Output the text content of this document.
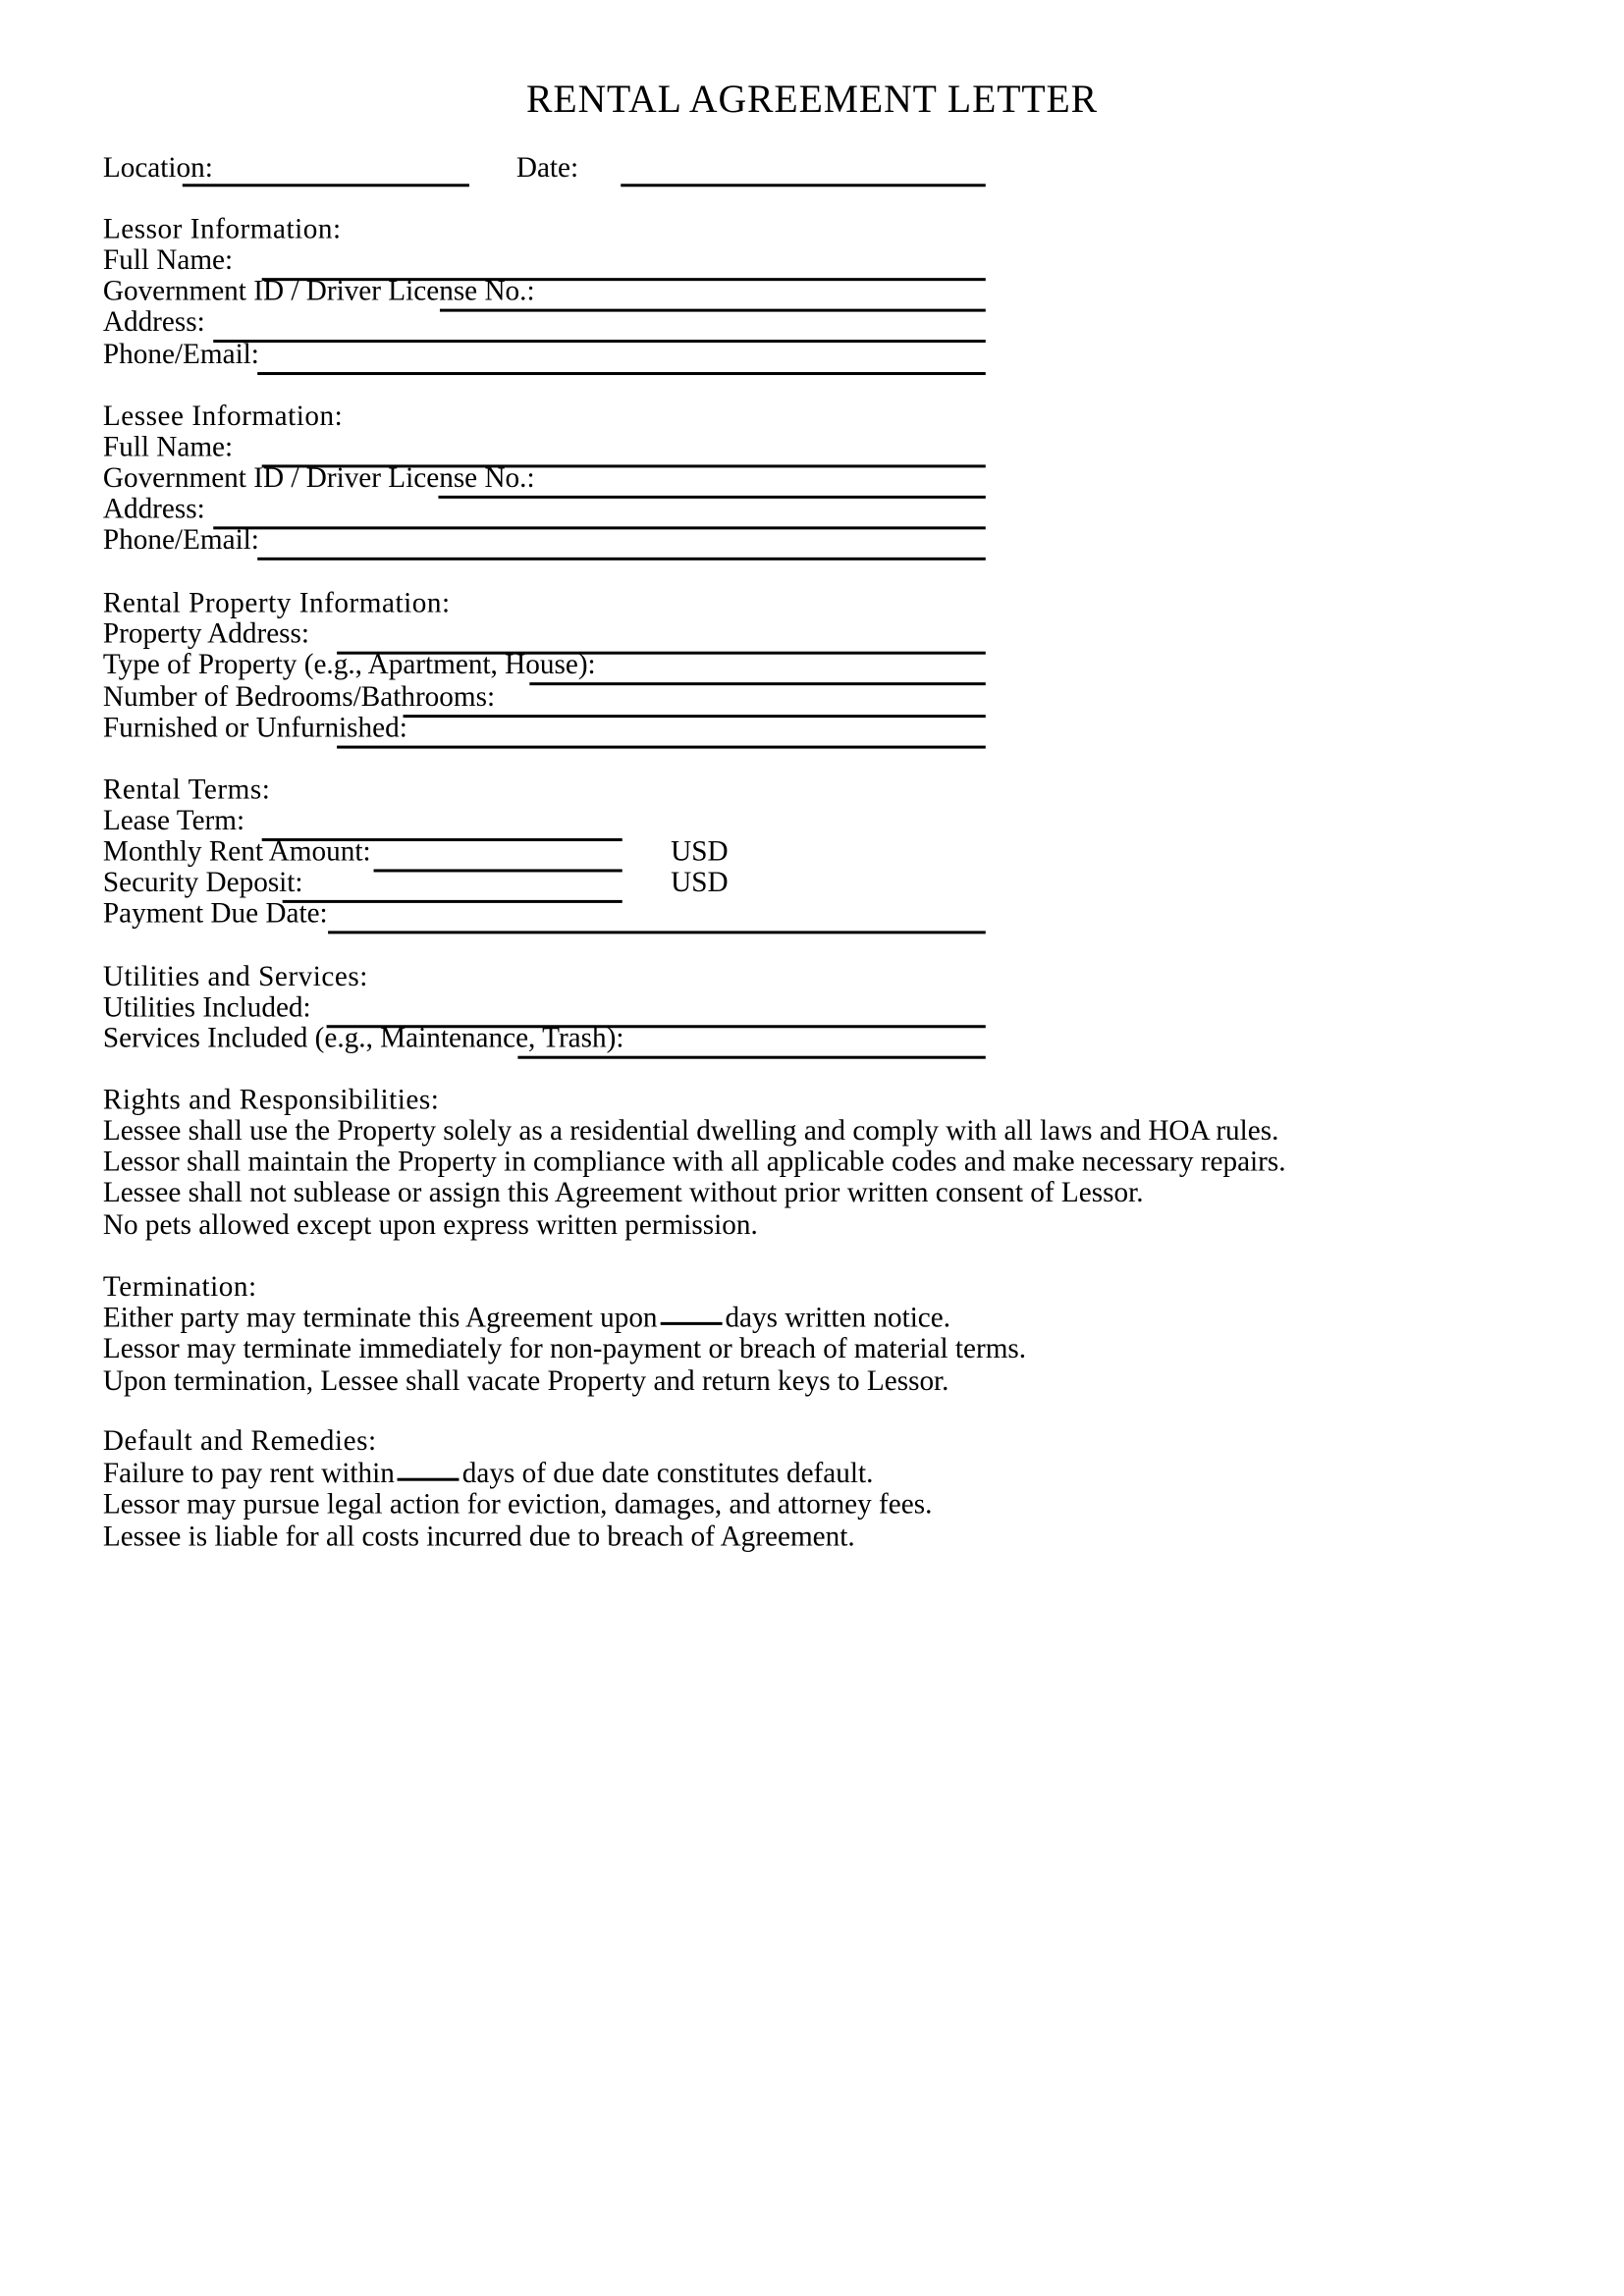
RENTAL AGREEMENT LETTER
Location:	Date:
Lessor Information:
Full Name:
Government ID / Driver License No.:
Address:
Phone/Email:
Lessee Information:
Full Name:
Government ID / Driver License No.:
Address:
Phone/Email:
Rental Property Information:
Property Address:
Type of Property (e.g., Apartment, House):
Number of Bedrooms/Bathrooms:
Furnished or Unfurnished:
Rental Terms:
Lease Term:
Monthly Rent Amount:	USD
Security Deposit:	USD
Payment Due Date:
Utilities and Services:
Utilities Included:
Services Included (e.g., Maintenance, Trash):
Rights and Responsibilities:
Lessee shall use the Property solely as a residential dwelling and comply with all laws and HOA rules.
Lessor shall maintain the Property in compliance with all applicable codes and make necessary repairs.
Lessee shall not sublease or assign this Agreement without prior written consent of Lessor.
No pets allowed except upon express written permission.
Termination:
Either party may terminate this Agreement upon	days written notice.
Lessor may terminate immediately for non-payment or breach of material terms.
Upon termination, Lessee shall vacate Property and return keys to Lessor.
Default and Remedies:
Failure to pay rent within	days of due date constitutes default.
Lessor may pursue legal action for eviction, damages, and attorney fees.
Lessee is liable for all costs incurred due to breach of Agreement.
